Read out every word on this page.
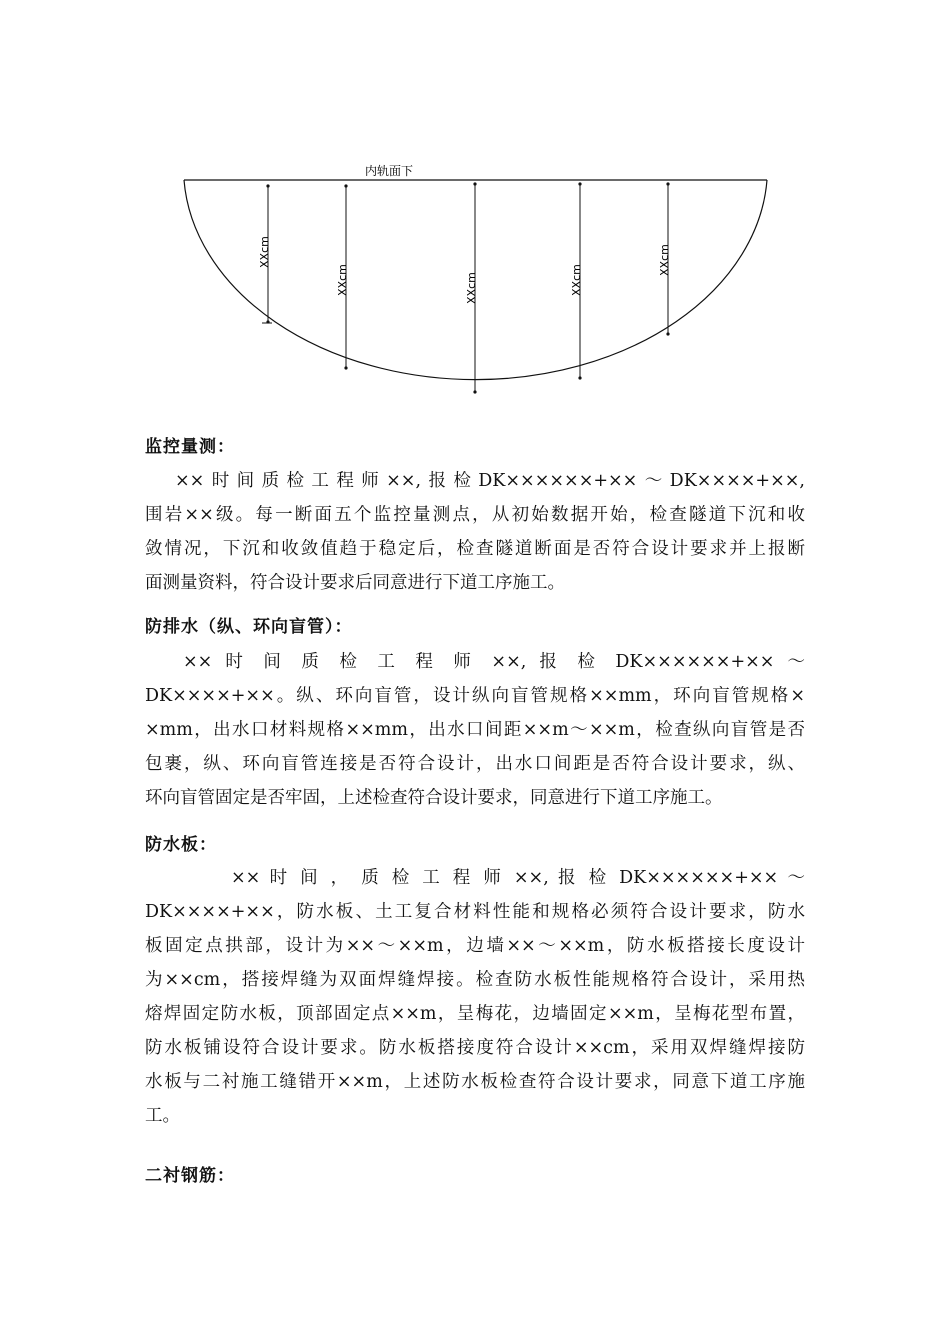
内轨面下
XXcm
XXcm	XXcm	XXcm
XXcm
监控量测：
××时间质检工程师××,报检DK××××××+××～DK××××+××,
围岩××级。每一断面五个监控量测点，从初始数据开始，检查隧道下沉和收
敛情况，下沉和收敛值趋于稳定后，检查隧道断面是否符合设计要求并上报断
面测量资料，符合设计要求后同意进行下道工序施工。
防排水（纵、环向盲管）：
×× 时 间 质 检 工 程 师 ××, 报 检 DK××××××+×× ～
DK××××+××。纵、环向盲管，设计纵向盲管规格××mm，环向盲管规格×
×mm，出水口材料规格××mm，出水口间距××m～××m，检查纵向盲管是否
包裹，纵、环向盲管连接是否符合设计，出水口间距是否符合设计要求，纵、
环向盲管固定是否牢固，上述检查符合设计要求，同意进行下道工序施工。
防水板：
×× 时 间 ， 质 检 工 程 师 ××, 报 检 DK××××××+×× ～
DK××××+××，防水板、土工复合材料性能和规格必须符合设计要求，防水
板固定点拱部，设计为××～××m，边墙××～××m，防水板搭接长度设计
为××cm，搭接焊缝为双面焊缝焊接。检查防水板性能规格符合设计，采用热
熔焊固定防水板，顶部固定点××m，呈梅花，边墙固定××m，呈梅花型布置，
防水板铺设符合设计要求。防水板搭接度符合设计××cm，采用双焊缝焊接防
水板与二衬施工缝错开××m，上述防水板检查符合设计要求，同意下道工序施
工。
二衬钢筋：
